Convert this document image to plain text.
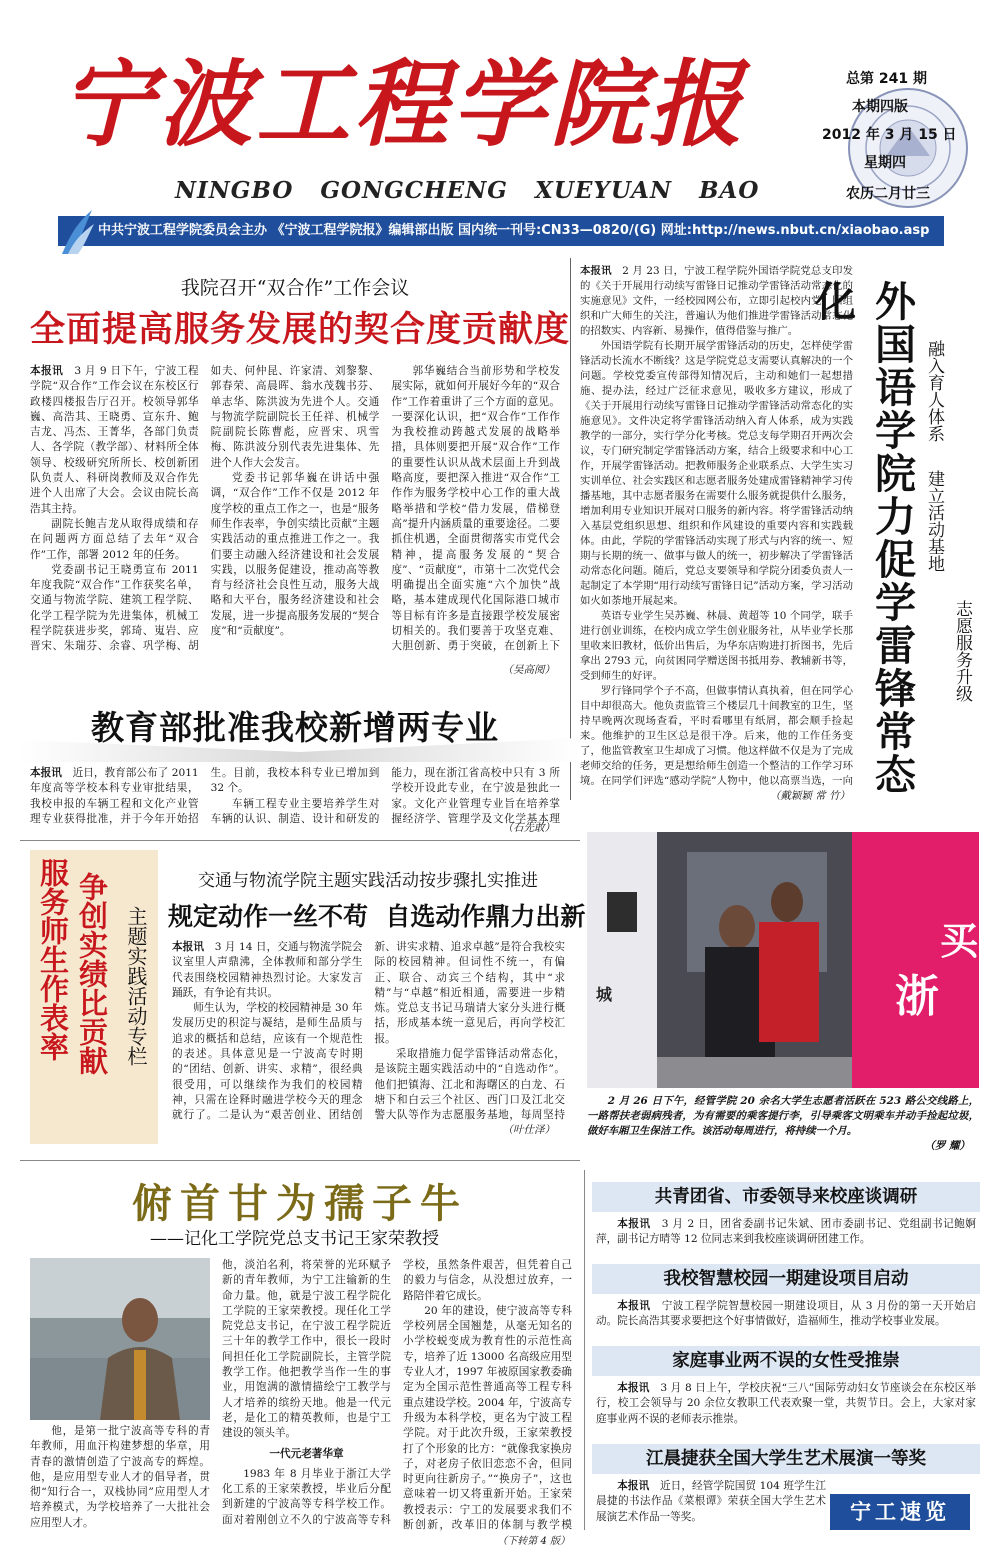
宁波工程学院报
NINGBO   GONGCHENG   XUEYUAN   BAO
总第 241 期
本期四版
2012 年 3 月 15 日
星期四
农历二月廿三
中共宁波工程学院委员会主办 《宁波工程学院报》编辑部出版 国内统一刊号:CN33—0820/(G) 网址:http://news.nbut.cn/xiaobao.asp
我院召开“双合作”工作会议
全面提高服务发展的契合度贡献度

本报讯　 3 月 9 日下午，宁波工程学院“双合作”工作会议在东校区行政楼四楼报告厅召开。校领导郭华巍、高浩其、王晓勇、宣东升、鲍吉龙、冯杰、王菁华，各部门负责人、各学院（教学部）、材料所全体领导、校级研究所所长、校创新团队负责人、科研岗教师及双合作先进个人出席了大会。会议由院长高浩其主持。

副院长鲍吉龙从取得成绩和存在问题两方面总结了去年“双合作”工作，部署 2012 年的任务。

党委副书记王晓勇宣布 2011 年度我院“双合作”工作获奖名单，交通与物流学院、建筑工程学院、化学工程学院为先进集体，机械工程学院获进步奖，郭琦、嵬岩、应晋宋、朱瑞芬、余睿、巩学梅、胡如夫、何仲昆、许家清、刘黎黎、郭春荣、高晨晖、翁水茂魏书芬、单志华、陈洪波为先进个人。交通与物流学院副院长王任祥、机械学院副院长陈曹彪，应晋宋、巩雪梅、陈洪波分别代表先进集体、先进个人作大会发言。

党委书记郭华巍在讲话中强调，“双合作”工作不仅是 2012 年度学校的重点工作之一，也是“服务师生作表率，争创实绩比贡献”主题实践活动的重点推进工作之一。我们要主动融入经济建设和社会发展实践，以服务促建设，推动高等教育与经济社会良性互动，服务大战略和大平台，服务经济建设和社会发展，进一步提高服务发展的“契合度”和“贡献度”。

郭华巍结合当前形势和学校发展实际，就如何开展好今年的“双合作”工作着重讲了三个方面的意见。一要深化认识，把“双合作”工作作为我校推动跨越式发展的战略举措，具体则要把开展“双合作”工作的重要性认识从战术层面上升到战略高度，要把深入推进“双合作”工作作为服务学校中心工作的重大战略举措和学校“借力发展，借梯登高”提升内涵质量的重要途径。二要抓住机遇，全面贯彻落实市党代会精神，提高服务发展的“契合度”、“贡献度”，市第十二次党代会明确提出全面实施“六个加快”战略，基本建成现代化国际港口城市等目标有许多是直接跟学校发展密切相关的。我们要善于攻坚克难、大胆创新、勇于突破，在创新上下

（吴高阅）
教育部批准我校新增两专业

本报讯　 近日，教育部公布了 2011 年度高等学校本科专业审批结果，我校申报的车辆工程和文化产业管理专业获得批准，并于今年开始招生。目前，我校本科专业已增加到 32 个。

车辆工程专业主要培养学生对车辆的认识、制造、设计和研发的能力，现在浙江省高校中只有 3 所学校开设此专业，在宁波是独此一家。文化产业管理专业旨在培养掌握经济学、管理学及文化学基本理

（石先敢）
服务师生作表率 争创实绩比贡献 主题实践活动专栏
交通与物流学院主题实践活动按步骤扎实推进
规定动作一丝不苟  自选动作鼎力出新

本报讯　 3 月 14 日，交通与物流学院会议室里人声鼎沸，全体教师和部分学生代表围绕校园精神热烈讨论。大家发言踊跃，有争论有共识。

师生认为，学校的校园精神是 30 年发展历史的积淀与凝结，是师生品质与追求的概括和总结，应该有一个规范性的表述。具体意见是一宁波高专时期的“团结、创新、讲实、求精”，很经典很受用，可以继续作为我们的校园精神，只需在诠释时融进学校今天的理念就行了。二是认为“艰苦创业、团结创新、讲实求精、追求卓越”是符合我校实际的校园精神。但词性不统一，有偏正、联合、动宾三个结构，其中“求精”与“卓越”相近相通，需要进一步精炼。党总支书记马瑞请大家分头进行概括，形成基本统一意见后，再向学校汇报。

采取措施力促学雷锋活动常态化，是该院主题实践活动中的“自选动作”。他们把镇海、江北和海曙区的白龙、石塘下和白云三个社区、西门口及江北交警大队等作为志愿服务基地，每周坚持

（叶仕泽）

本报讯　 2 月 23 日，宁波工程学院外国语学院党总支印发的《关于开展用行动续写雷锋日记推动学雷锋活动常态化的实施意见》文件，一经校园网公布，立即引起校内党、团组织和广大师生的关注，普遍认为他们推进学雷锋活动常态化的招数实、内容新、易操作，值得借鉴与推广。

外国语学院有长期开展学雷锋活动的历史，怎样使学雷锋活动长流水不断线？这是学院党总支需要认真解决的一个问题。学校党委宣传部得知情况后，主动和她们一起想措施、提办法，经过广泛征求意见，吸收多方建议，形成了《关于开展用行动续写雷锋日记推动学雷锋活动常态化的实施意见》。文件决定将学雷锋活动纳入育人体系，成为实践教学的一部分，实行学分化考核。党总支每学期召开两次会议，专门研究制定学雷锋活动方案，结合上级要求和中心工作，开展学雷锋活动。把教师服务企业联系点、大学生实习实训单位、社会实践区和志愿者服务处建成雷锋精神学习传播基地，其中志愿者服务在需要什么服务就提供什么服务，增加利用专业知识开展对口服务的新内容。将学雷锋活动纳入基层党组织思想、组织和作风建设的重要内容和实践载体。由此，学院的学雷锋活动实现了形式与内容的统一、短期与长期的统一、做事与做人的统一，初步解决了学雷锋活动常态化问题。随后，党总支要领导和学院分团委负责人一起制定了本学期“用行动续写雷锋日记”活动方案，学习活动如火如荼地开展起来。

英语专业学生吴苏巍、林晨、黄超等 10 个同学，联手进行创业训练，在校内成立学生创业服务社，从毕业学长那里收来旧教材，低价出售后，为华东店购进打折图书，先后拿出 2793 元，向贫困同学赠送图书抵用券、教辅新书等，受到师生的好评。

罗行锋同学个子不高，但做事情认真执着，但在同学心目中却很高大。他负责监管三个楼层几十间教室的卫生，坚持早晚两次现场查看，平时看哪里有纸屑，都会顺手捡起来。他维护的卫生区总是很干净。后来，他的工作任务变了，他监管教室卫生却成了习惯。他这样做不仅是为了完成老师交给的任务，更是想给师生创造一个整洁的工作学习环境。在同学们评选“感动学院”人物中，他以高票当选，一向

（戴颖颖 常 竹） 外国语学院力促学雷锋常态化
融入育人体系
建立活动基地
志愿服务升级
买
浙
城

2 月 26 日下午，经管学院 20 余名大学生志愿者活跃在 523 路公交线路上，一路帮扶老弱病残者，为有需要的乘客提行李，引导乘客文明乘车并动手捡起垃圾，做好车厢卫生保洁工作。该活动每周进行，将持续一个月。

（罗 耀）
俯首甘为孺子牛
——记化工学院党总支书记王家荣教授

他，是第一批宁波高等专科的青年教师，用血汗构建梦想的华章，用青春的激情创造了宁波高专的辉煌。他，是应用型专业人才的倡导者，贯彻“知行合一，双栈协同”应用型人才培养模式，为学校培养了一大批社会应用型人才。

他，淡泊名利，将荣誉的光环赋予新的青年教师，为宁工注输新的生命力量。他，就是宁波工程学院化工学院的王家荣教授。现任化工学院党总支书记，在宁波工程学院近三十年的教学工作中，很长一段时间担任化工学院副院长，主管学院教学工作。他把教学当作一生的事业，用饱满的激情描绘宁工教学与人才培养的缤纷天地。他是一代元老，是化工的精英教师，也是宁工建设的领头羊。

一代元老著华章

1983 年 8 月毕业于浙江大学化工系的王家荣教授，毕业后分配到新建的宁波高等专科学校工作。面对着刚创立不久的宁波高等专科学校，虽然条件艰苦，但凭着自己的毅力与信念，从没想过放弃，一路陪伴着它成长。

20 年的建设，使宁波高等专科学校列居全国翘楚，从毫无知名的小学校蜕变成为教育性的示范性高专，培养了近 13000 名高级应用型专业人才，1997 年被原国家教委确定为全国示范性普通高等工程专科重点建设学校。2004 年，宁波高专升级为本科学校，更名为宁波工程学院。对于此次升级，王家荣教授打了个形象的比方：“就像我家换房子，对老房子依旧恋恋不舍，但同时更向往新房子。”“换房子”，这也意味着一切又将重新开始。王家荣教授表示：宁工的发展要求我们不断创新，改革旧的体制与教学模

（下转第 4 版）
共青团省、市委领导来校座谈调研

本报讯　 3 月 2 日，团省委副书记朱斌、团市委副书记、党组副书记鲍婀萍，副书记方晴等 12 位同志来到我校座谈调研团建工作。

我校智慧校园一期建设项目启动

本报讯　 宁波工程学院智慧校园一期建设项目，从 3 月份的第一天开始启动。院长高浩其要求要把这个好事情做好，造福师生，推动学校事业发展。

家庭事业两不误的女性受推崇

本报讯　 3 月 8 日上午，学校庆祝“三八”国际劳动妇女节座谈会在东校区举行，校工会领导与 20 余位女教职工代表欢聚一堂，共贺节日。会上，大家对家庭事业两不误的老师表示推崇。

江晨捷获全国大学生艺术展演一等奖

本报讯　 近日，经管学院国贸 104 班学生江晨捷的书法作品《菜根谭》荣获全国大学生艺术展演艺术作品一等奖。	宁工速览
